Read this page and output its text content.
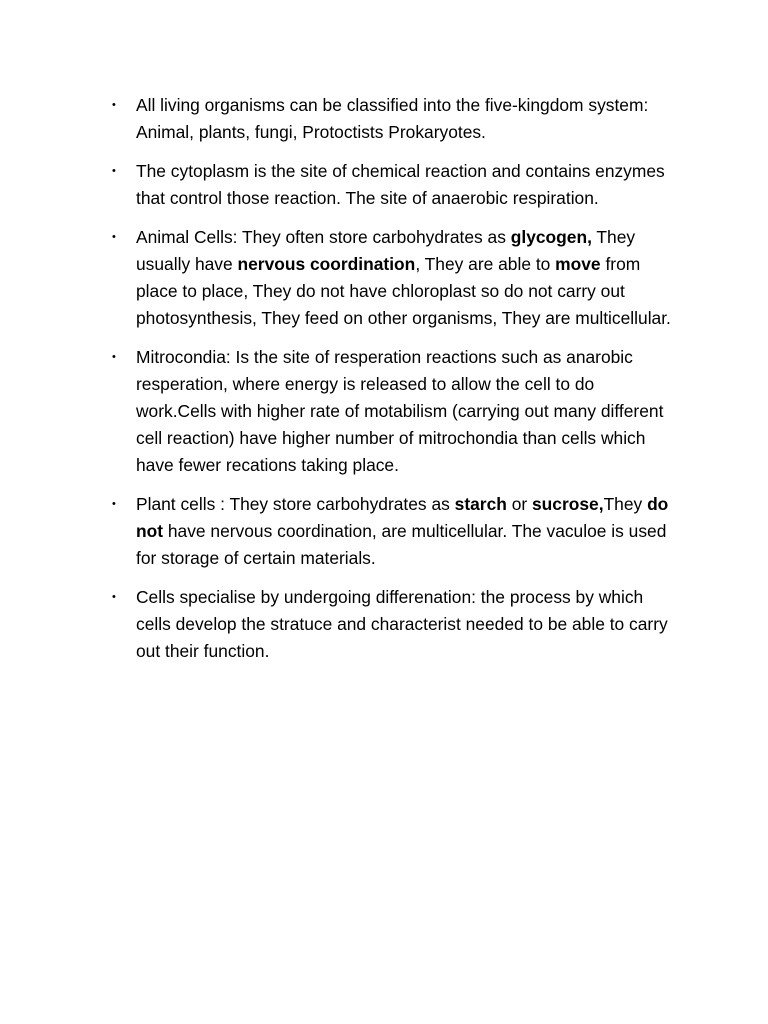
• All living organisms can be classified into the five-kingdom system: Animal, plants, fungi, Protoctists Prokaryotes.
• The cytoplasm is the site of chemical reaction and contains enzymes that control those reaction. The site of anaerobic respiration.
• Animal Cells: They often store carbohydrates as glycogen, They usually have nervous coordination, They are able to move from place to place, They do not have chloroplast so do not carry out photosynthesis, They feed on other organisms, They are multicellular.
• Mitrocondia: Is the site of resperation reactions such as anarobic resperation, where energy is released to allow the cell to do work.Cells with higher rate of motabilism (carrying out many different cell reaction) have higher number of mitrochondia than cells which have fewer recations taking place.
• Plant cells : They store carbohydrates as starch or sucrose,They do not have nervous coordination, are multicellular. The vaculoe is used for storage of certain materials.
• Cells specialise by undergoing differenation: the process by which cells develop the stratuce and characterist needed to be able to carry out their function.
